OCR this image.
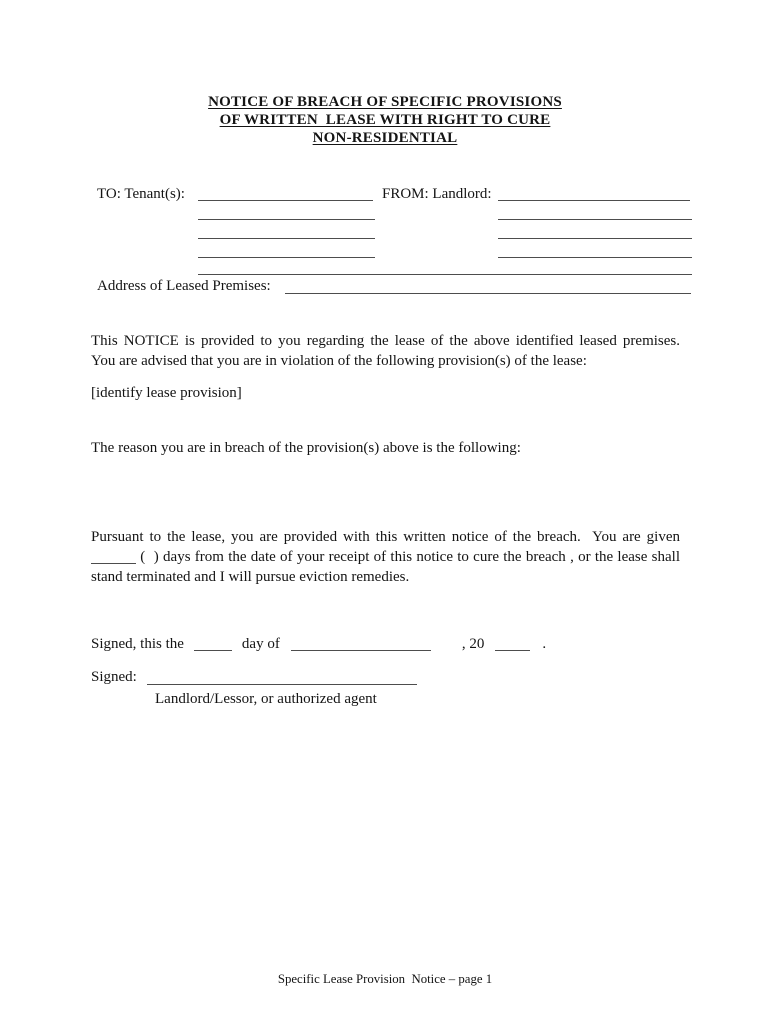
NOTICE OF BREACH OF SPECIFIC PROVISIONS
OF WRITTEN  LEASE WITH RIGHT TO CURE
NON-RESIDENTIAL
TO: Tenant(s):	FROM: Landlord:
Address of Leased Premises:
This NOTICE is provided to you regarding the lease of the above identified leased premises.
You are advised that you are in violation of the following provision(s) of the lease:
[identify lease provision]
The reason you are in breach of the provision(s) above is the following:
Pursuant to the lease, you are provided with this written notice of the breach.  You are given
(  ) days from the date of your receipt of this notice to cure the breach , or the lease shall
stand terminated and I will pursue eviction remedies.
Signed, this the	day of	, 20	.
Signed:
Landlord/Lessor, or authorized agent
Specific Lease Provision  Notice – page 1
